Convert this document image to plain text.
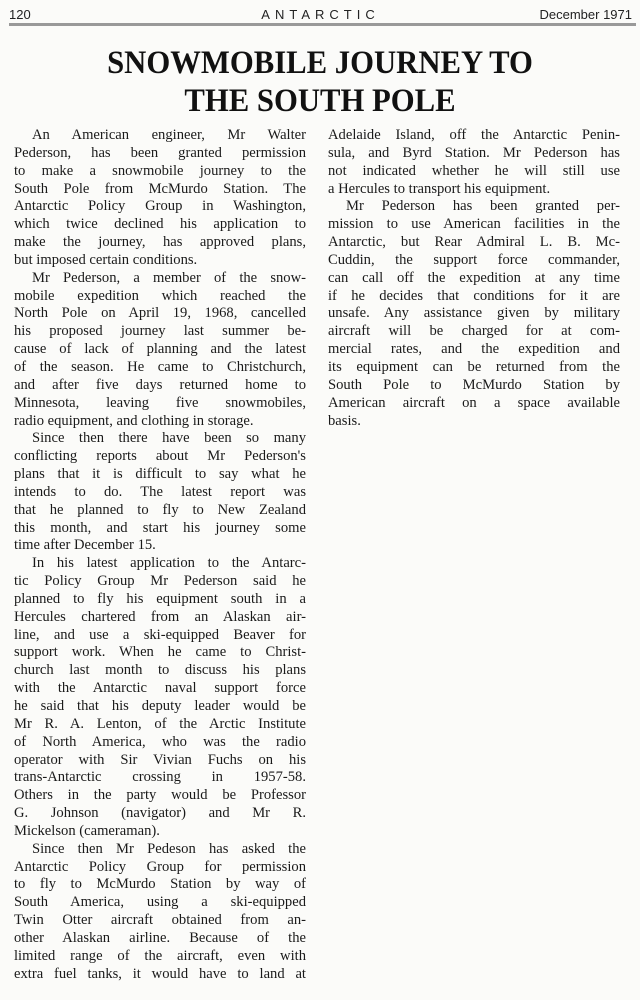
120	ANTARCTIC	December 1971
SNOWMOBILE JOURNEY TO
THE SOUTH POLE
An American engineer, Mr Walter
Pederson, has been granted permission
to make a snowmobile journey to the
South Pole from McMurdo Station. The
Antarctic Policy Group in Washington,
which twice declined his application to
make the journey, has approved plans,
but imposed certain conditions.
Mr Pederson, a member of the snow-
mobile expedition which reached the
North Pole on April 19, 1968, cancelled
his proposed journey last summer be-
cause of lack of planning and the latest
of the season. He came to Christchurch,
and after five days returned home to
Minnesota, leaving five snowmobiles,
radio equipment, and clothing in storage.
Since then there have been so many
conflicting reports about Mr Pederson's
plans that it is difficult to say what he
intends to do. The latest report was
that he planned to fly to New Zealand
this month, and start his journey some
time after December 15.
In his latest application to the Antarc-
tic Policy Group Mr Pederson said he
planned to fly his equipment south in a
Hercules chartered from an Alaskan air-
line, and use a ski-equipped Beaver for
support work. When he came to Christ-
church last month to discuss his plans
with the Antarctic naval support force
he said that his deputy leader would be
Mr R. A. Lenton, of the Arctic Institute
of North America, who was the radio
operator with Sir Vivian Fuchs on his
trans-Antarctic crossing in 1957-58.
Others in the party would be Professor
G. Johnson (navigator) and Mr R.
Mickelson (cameraman).
Since then Mr Pedeson has asked the
Antarctic Policy Group for permission
to fly to McMurdo Station by way of
South America, using a ski-equipped
Twin Otter aircraft obtained from an-
other Alaskan airline. Because of the
limited range of the aircraft, even with
extra fuel tanks, it would have to land at
Adelaide Island, off the Antarctic Penin-
sula, and Byrd Station. Mr Pederson has
not indicated whether he will still use
a Hercules to transport his equipment.
Mr Pederson has been granted per-
mission to use American facilities in the
Antarctic, but Rear Admiral L. B. Mc-
Cuddin, the support force commander,
can call off the expedition at any time
if he decides that conditions for it are
unsafe. Any assistance given by military
aircraft will be charged for at com-
mercial rates, and the expedition and
its equipment can be returned from the
South Pole to McMurdo Station by
American aircraft on a space available
basis.
